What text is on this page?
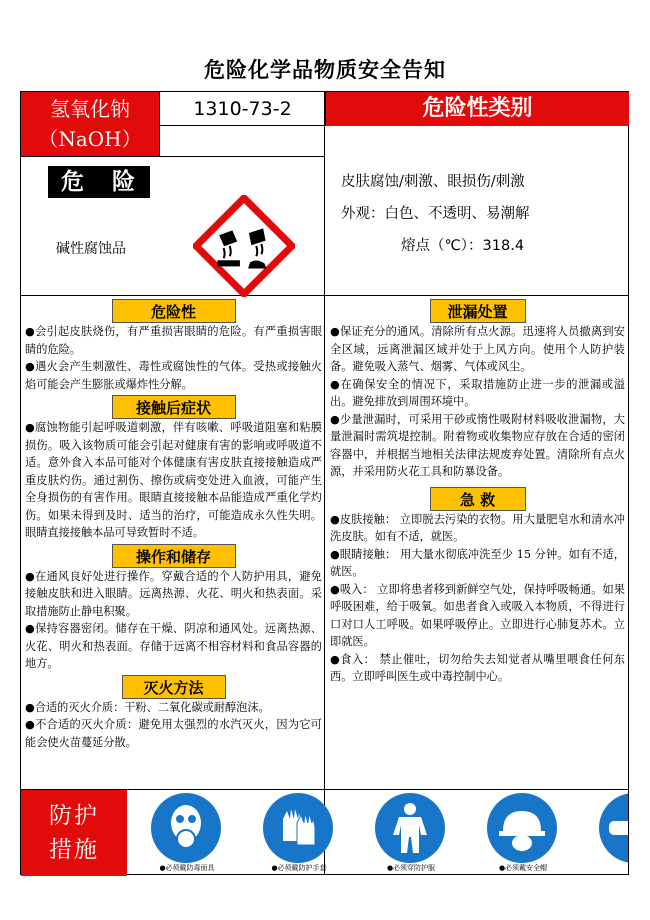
危险化学品物质安全告知
氢氧化钠
（NaOH）
1310-73-2	危险性类别
危 险
碱性腐蚀品
皮肤腐蚀/刺激、眼损伤/刺激
外观：白色、不透明、易潮解
熔点（℃）：318.4
危险性
●会引起皮肤烧伤，有严重损害眼睛的危险。有严重损害眼睛的危险。
●遇火会产生刺激性、毒性或腐蚀性的气体。受热或接触火焰可能会产生膨胀或爆炸性分解。
接触后症状
●腐蚀物能引起呼吸道刺激，伴有咳嗽、呼吸道阻塞和粘膜损伤。吸入该物质可能会引起对健康有害的影响或呼吸道不适。意外食入本品可能对个体健康有害皮肤直接接触造成严重皮肤灼伤。通过割伤、擦伤或病变处进入血液，可能产生全身损伤的有害作用。眼睛直接接触本品能造成严重化学灼伤。如果未得到及时、适当的治疗，可能造成永久性失明。眼睛直接接触本品可导致暂时不适。
操作和储存
●在通风良好处进行操作。穿戴合适的个人防护用具，避免接触皮肤和进入眼睛。远离热源、火花、明火和热表面。采取措施防止静电积聚。
●保持容器密闭。储存在干燥、阴凉和通风处。远离热源、火花、明火和热表面。存储于远离不相容材料和食品容器的地方。
灭火方法
●合适的灭火介质：干粉、二氧化碳或耐醇泡沫。
●不合适的灭火介质：避免用太强烈的水汽灭火，因为它可能会使火苗蔓延分散。
泄漏处置
●保证充分的通风。清除所有点火源。迅速将人员撤离到安全区域，远离泄漏区域并处于上风方向。使用个人防护装备。避免吸入蒸气、烟雾、气体或风尘。
●在确保安全的情况下，采取措施防止进一步的泄漏或溢出。避免排放到周围环境中。
●少量泄漏时，可采用干砂或惰性吸附材料吸收泄漏物，大量泄漏时需筑堤控制。附着物或收集物应存放在合适的密闭容器中，并根据当地相关法律法规废弃处置。清除所有点火源，并采用防火花工具和防暴设备。
急 救
●皮肤接触： 立即脱去污染的衣物。用大量肥皂水和清水冲洗皮肤。如有不适，就医。
●眼睛接触： 用大量水彻底冲洗至少 15 分钟。如有不适，就医。
●吸入： 立即将患者移到新鲜空气处，保持呼吸畅通。如果呼吸困难，给于吸氧。如患者食入或吸入本物质，不得进行口对口人工呼吸。如果呼吸停止。立即进行心肺复苏术。立即就医。
●食入： 禁止催吐，切勿给失去知觉者从嘴里喂食任何东西。立即呼叫医生或中毒控制中心。
防护
措施
● 必须戴防毒面具	● 必须戴防护手套	● 必须穿防护服	● 必须戴安全帽
